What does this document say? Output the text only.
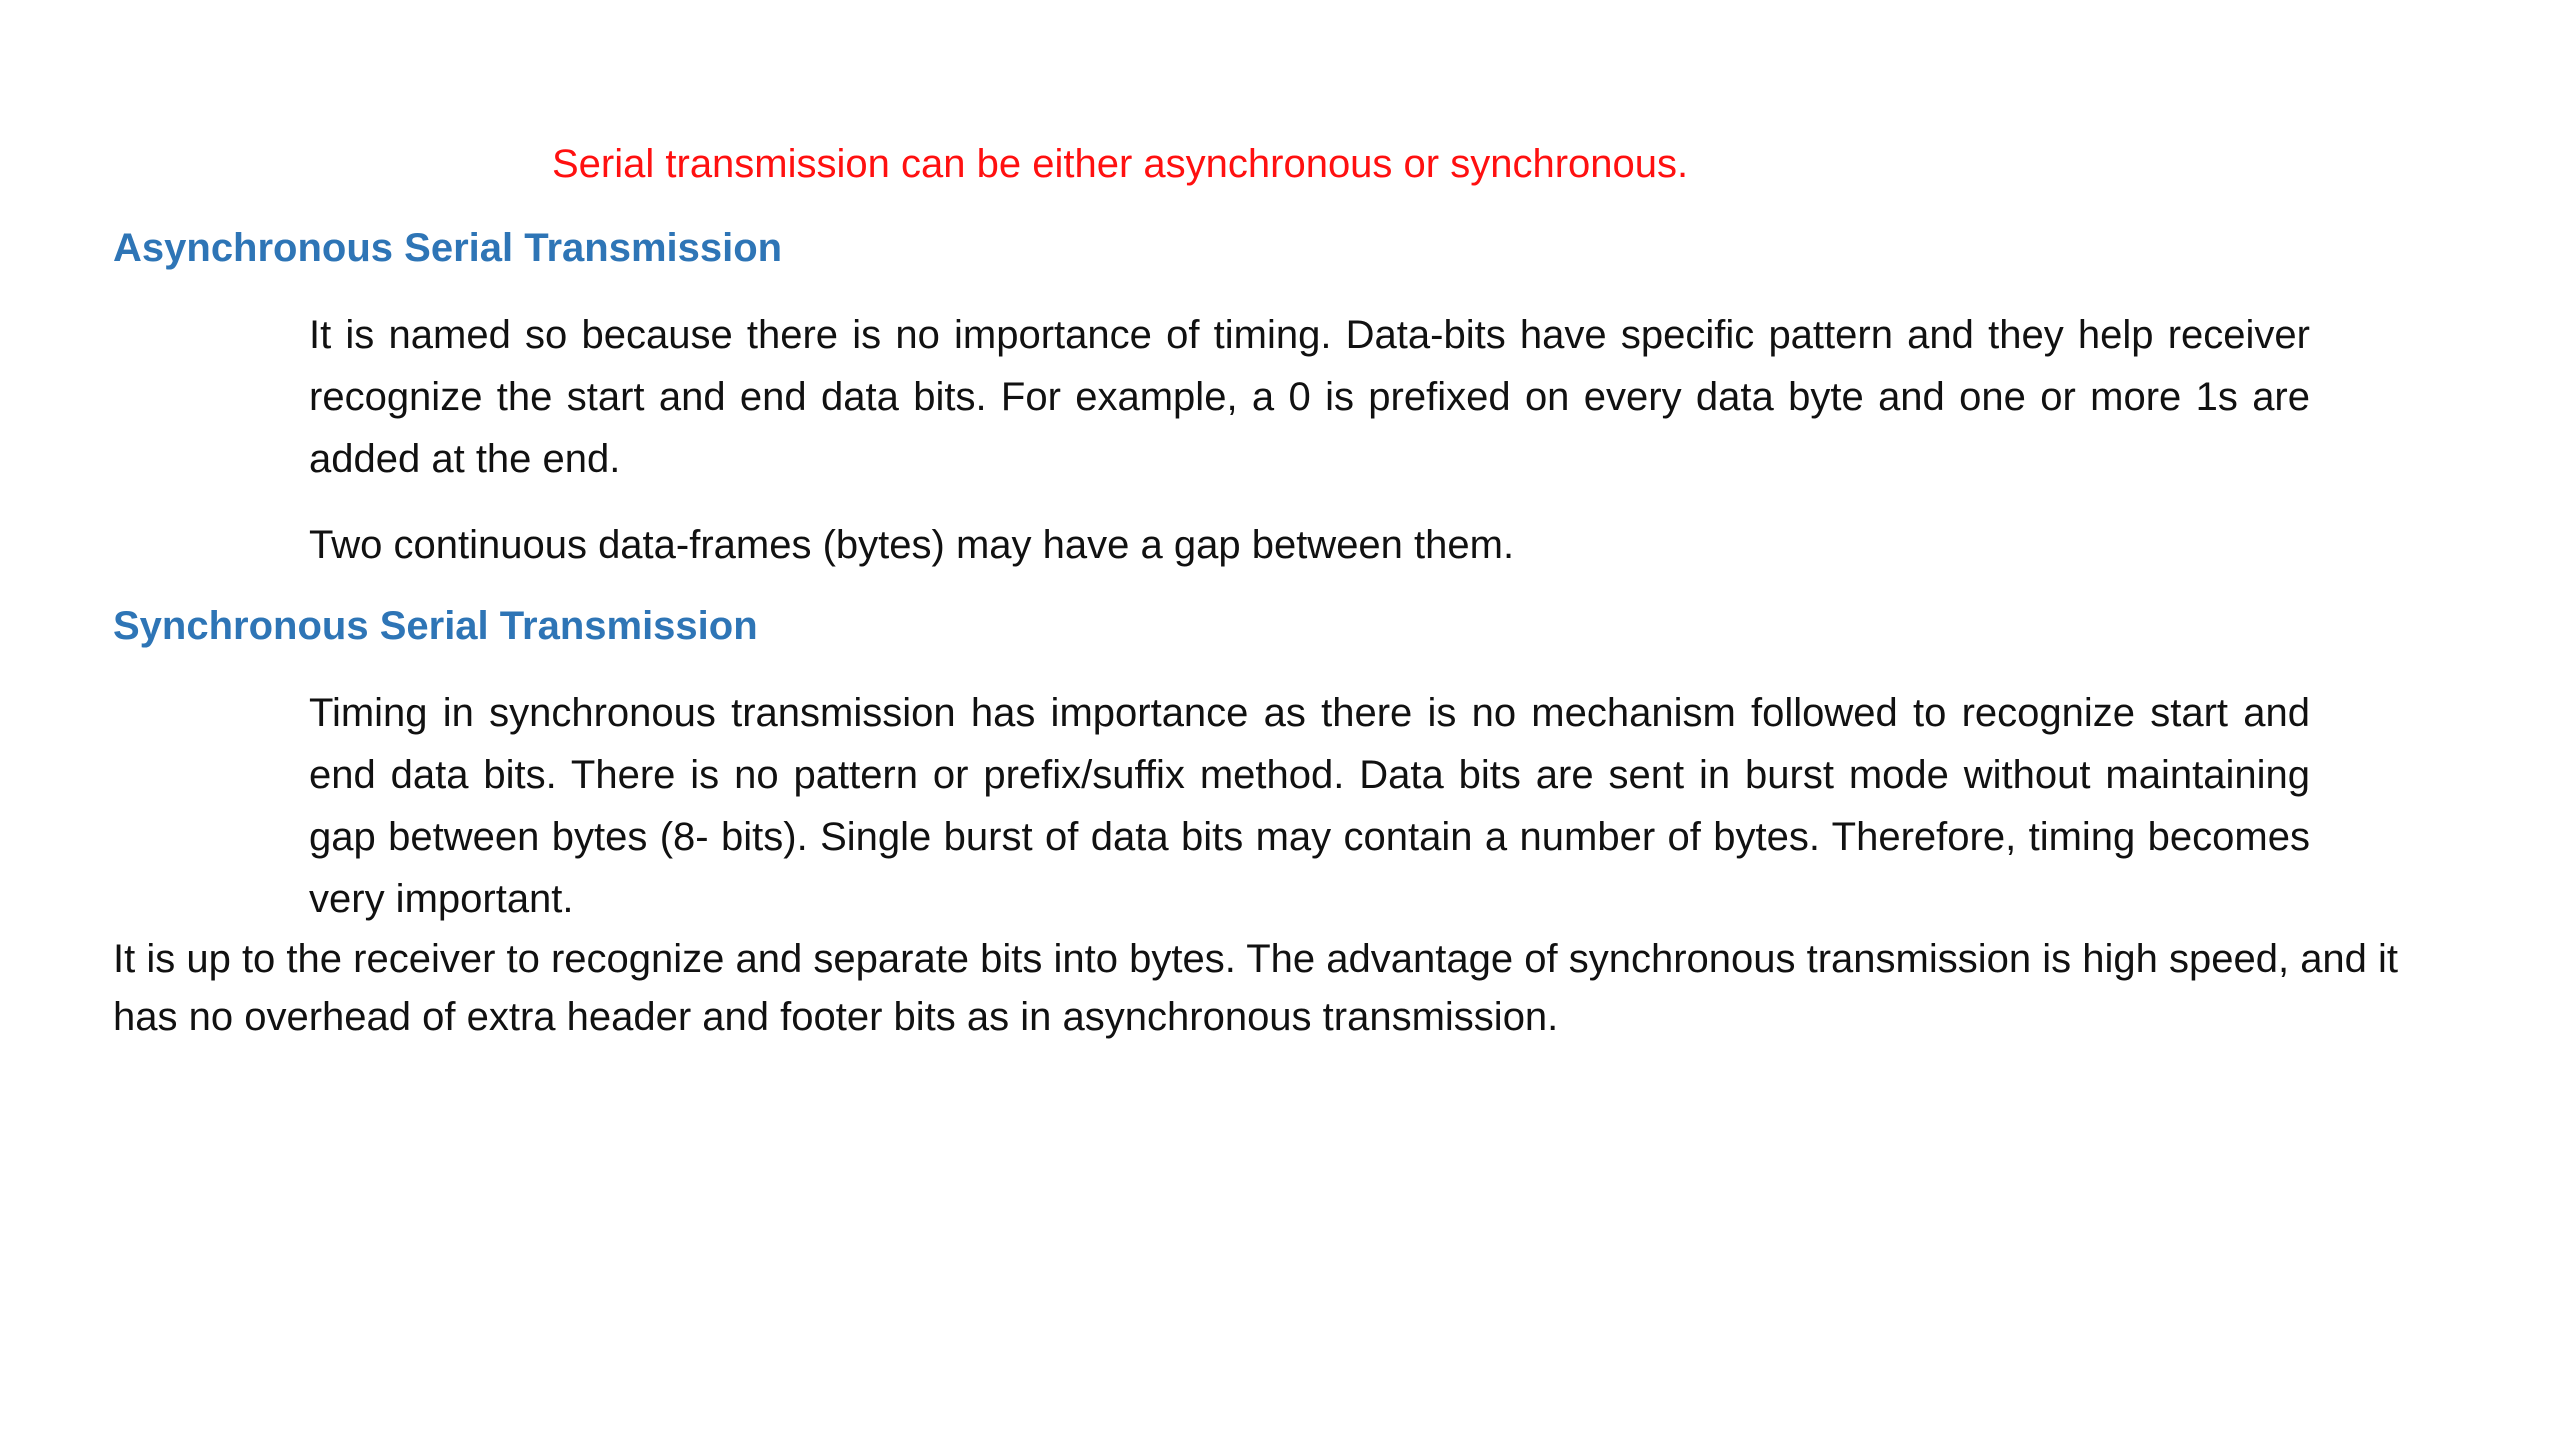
Serial transmission can be either asynchronous or synchronous.
Asynchronous Serial Transmission

It is named so because there is no importance of timing. Data-bits have specific pattern and they help receiver recognize the start and end data bits. For example, a 0 is prefixed on every data byte and one or more 1s are added at the end.

Two continuous data-frames (bytes) may have a gap between them.

Synchronous Serial Transmission

Timing in synchronous transmission has importance as there is no mechanism followed to recognize start and end data bits. There is no pattern or prefix/suffix method. Data bits are sent in burst mode without maintaining gap between bytes (8- bits). Single burst of data bits may contain a number of bytes. Therefore, timing becomes very important.

It is up to the receiver to recognize and separate bits into bytes. The advantage of synchronous transmission is high speed, and it has no overhead of extra header and footer bits as in asynchronous transmission.
